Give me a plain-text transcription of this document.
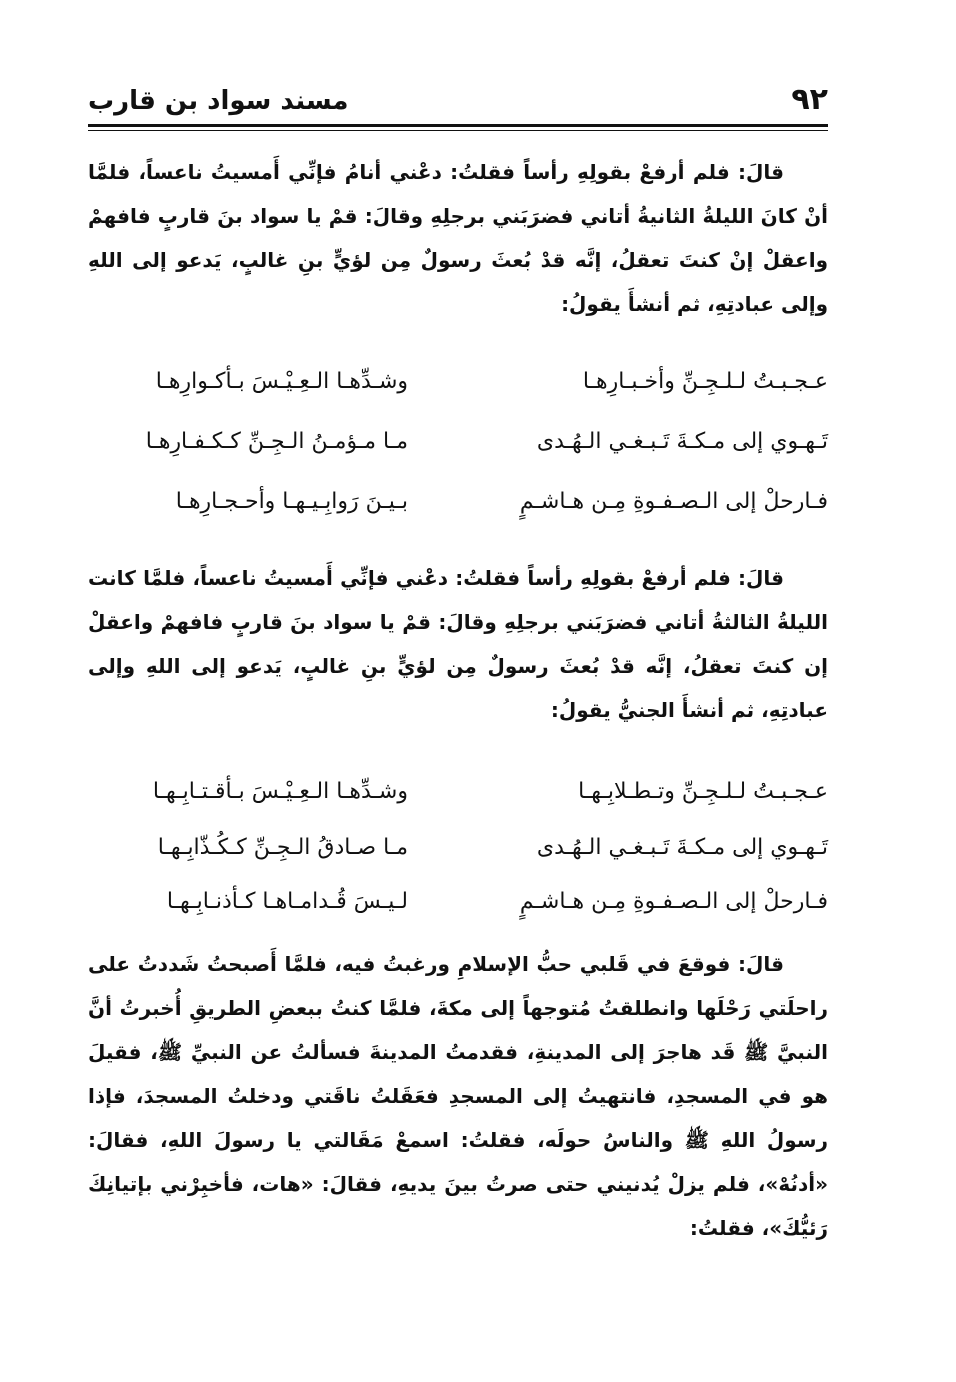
٩٢
مسند سواد بن قارب

قالَ: فلم أرفعْ بقولِهِ رأساً فقلتُ: دعْني أنامُ فإنِّي أَمسيتُ ناعساً، فلمَّا أنْ كانَ الليلةُ الثانيةُ أتاني فضرَبَني برجلِهِ وقالَ: قمْ يا سواد بنَ قاربٍ فافهمْ واعقلْ إنْ كنتَ تعقلُ، إنَّه قدْ بُعثَ رسولٌ مِن لؤيٍّ بنِ غالبٍ، يَدعو إلى اللهِ وإلى عبادتِهِ، ثم أنشأَ يقولُ:

عـجـبـتُ لـلـجِـنِّ وأخـبـارِهـا
وشـدِّهـا الـعِـيْـسَ بـأكـوارِهـا
تَـهـوي إلى مـكـةَ تَـبـغـي الـهُـدى
مـا مـؤمـنُ الـجِـنِّ كـكـفـارِهـا
فـارحلْ إلى الـصـفـوةِ مِـن هـاشـمٍ
بـيـنَ رَوابِـيـهـا وأحـجـارِهـا

قالَ: فلم أرفعْ بقولِهِ رأساً فقلتُ: دعْني فإنِّي أَمسيتُ ناعساً، فلمَّا كانت الليلةُ الثالثةُ أتاني فضرَبَني برجلِهِ وقالَ: قمْ يا سواد بنَ قاربٍ فافهمْ واعقلْ إن كنتَ تعقلُ، إنَّه قدْ بُعثَ رسولٌ مِن لؤيٍّ بنِ غالبٍ، يَدعو إلى اللهِ وإلى عبادتِهِ، ثم أنشأَ الجنيُّ يقولُ:

عـجـبـتُ لـلـجِـنِّ وتـطـلابِـهـا
وشـدِّهـا الـعِـيْـسَ بـأقـتـابِـهـا
تَـهـوي إلى مـكـةَ تَـبـغـي الـهُـدى
مـا صـادقُ الـجِـنِّ كـكُـذّابِـهـا
فـارحلْ إلى الـصـفـوةِ مِـن هـاشـمٍ
لـيـسَ قُـدامـاهـا كـأذنـابِـهـا

قالَ: فوقعَ في قَلبي حبُّ الإسلامِ ورغبتُ فيه، فلمَّا أَصبحتُ شَددتُ على راحلَتي رَحْلَها وانطلقتُ مُتوجهاً إلى مكةَ، فلمَّا كنتُ ببعضِ الطريقِ أُخبرتُ أنَّ النبيَّ ﷺ قَد هاجرَ إلى المدينةِ، فقدمتُ المدينةَ فسألتُ عن النبيِّ ﷺ، فقيلَ هو في المسجدِ، فانتهيتُ إلى المسجدِ فعَقَلتُ ناقَتي ودخلتُ المسجدَ، فإذا رسولُ اللهِ ﷺ والناسُ حولَه، فقلتُ: اسمعْ مَقَالتي يا رسولَ اللهِ، فقالَ: «أدنُهْ»، فلم يزلْ يُدنيني حتى صرتُ بينَ يديهِ، فقالَ: «هات، فأخبِرْني بإتيانِكَ رَئيُّكَ»، فقلتُ:
